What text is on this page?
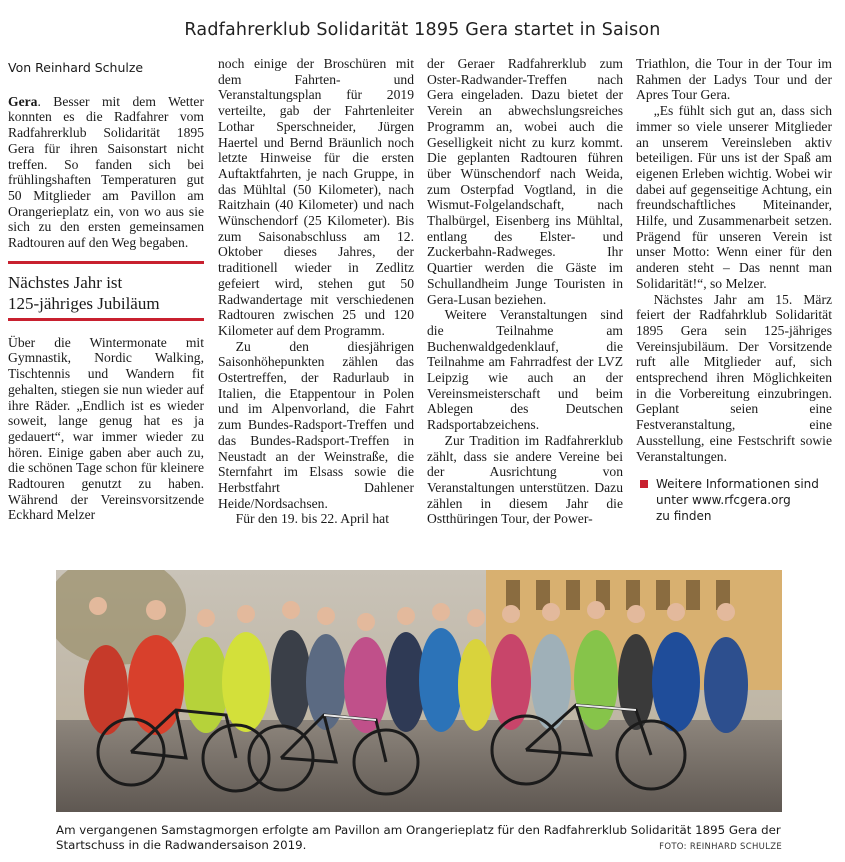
Radfahrerklub Solidarität 1895 Gera startet in Saison
Von Reinhard Schulze

Gera. Besser mit dem Wetter konnten es die Radfahrer vom Radfahrerklub Solidarität 1895 Gera für ihren Saisonstart nicht treffen. So fanden sich bei frühlingshaften Temperaturen gut 50 Mitglieder am Pavillon am Orangerieplatz ein, von wo aus sie sich zu den ersten gemeinsamen Radtouren auf den Weg begaben.

Nächstes Jahr ist
125-jähriges Jubiläum

Über die Wintermonate mit Gymnastik, Nordic Walking, Tischtennis und Wandern fit gehalten, stiegen sie nun wieder auf ihre Räder. „Endlich ist es wieder soweit, lange genug hat es ja gedauert“, war immer wieder zu hören. Einige gaben aber auch zu, die schönen Tage schon für kleinere Radtouren genutzt zu haben. Während der Vereinsvorsitzende Eckhard Melzer

noch einige der Broschüren mit dem Fahrten- und Veranstaltungsplan für 2019 verteilte, gab der Fahrtenleiter Lothar Sperschneider, Jürgen Haertel und Bernd Bräunlich noch letzte Hinweise für die ersten Auftaktfahrten, je nach Gruppe, in das Mühltal (50 Kilometer), nach Raitzhain (40 Kilometer) und nach Wünschendorf (25 Kilometer). Bis zum Saisonabschluss am 12. Oktober dieses Jahres, der traditionell wieder in Zedlitz gefeiert wird, stehen gut 50 Radwandertage mit verschiedenen Radtouren zwischen 25 und 120 Kilometer auf dem Programm.

Zu den diesjährigen Saisonhöhepunkten zählen das Ostertreffen, der Radurlaub in Italien, die Etappentour in Polen und im Alpenvorland, die Fahrt zum Bundes-Radsport-Treffen und das Bundes-Radsport-Treffen in Neustadt an der Weinstraße, die Sternfahrt im Elsass sowie die Herbstfahrt Dahlener Heide/Nordsachsen.

Für den 19. bis 22. April hat

der Geraer Radfahrerklub zum Oster-Radwander-Treffen nach Gera eingeladen. Dazu bietet der Verein an abwechslungsreiches Programm an, wobei auch die Geselligkeit nicht zu kurz kommt. Die geplanten Radtouren führen über Wünschendorf nach Weida, zum Osterpfad Vogtland, in die Wismut-Folgelandschaft, nach Thalbürgel, Eisenberg ins Mühltal, entlang des Elster- und Zuckerbahn-Radweges. Ihr Quartier werden die Gäste im Schullandheim Junge Touristen in Gera-Lusan beziehen.

Weitere Veranstaltungen sind die Teilnahme am Buchenwaldgedenklauf, die Teilnahme am Fahrradfest der LVZ Leipzig wie auch an der Vereinsmeisterschaft und beim Ablegen des Deutschen Radsportabzeichens.

Zur Tradition im Radfahrerklub zählt, dass sie andere Vereine bei der Ausrichtung von Veranstaltungen unterstützen. Dazu zählen in diesem Jahr die Ostthüringen Tour, der Power-

Triathlon, die Tour in der Tour im Rahmen der Ladys Tour und der Apres Tour Gera.

„Es fühlt sich gut an, dass sich immer so viele unserer Mitglieder an unserem Vereinsleben aktiv beteiligen. Für uns ist der Spaß am eigenen Erleben wichtig. Wobei wir dabei auf gegenseitige Achtung, ein freundschaftliches Miteinander, Hilfe, und Zusammenarbeit setzen. Prägend für unseren Verein ist unser Motto: Wenn einer für den anderen steht – Das nennt man Solidarität!“, so Melzer.

Nächstes Jahr am 15. März feiert der Radfahrklub Solidarität 1895 Gera sein 125-jähriges Vereinsjubiläum. Der Vorsitzende ruft alle Mitglieder auf, sich entsprechend ihren Möglichkeiten in die Vorbereitung einzubringen. Geplant seien eine Festveranstaltung, eine Ausstellung, eine Festschrift sowie Veranstaltungen.

Weitere Informationen sind
unter www.rfcgera.org
zu finden
Am vergangenen Samstagmorgen erfolgte am Pavillon am Orangerieplatz für den Radfahrerklub Solidarität 1895 Gera der Startschuss in die Radwandersaison 2019.	FOTO: REINHARD SCHULZE
